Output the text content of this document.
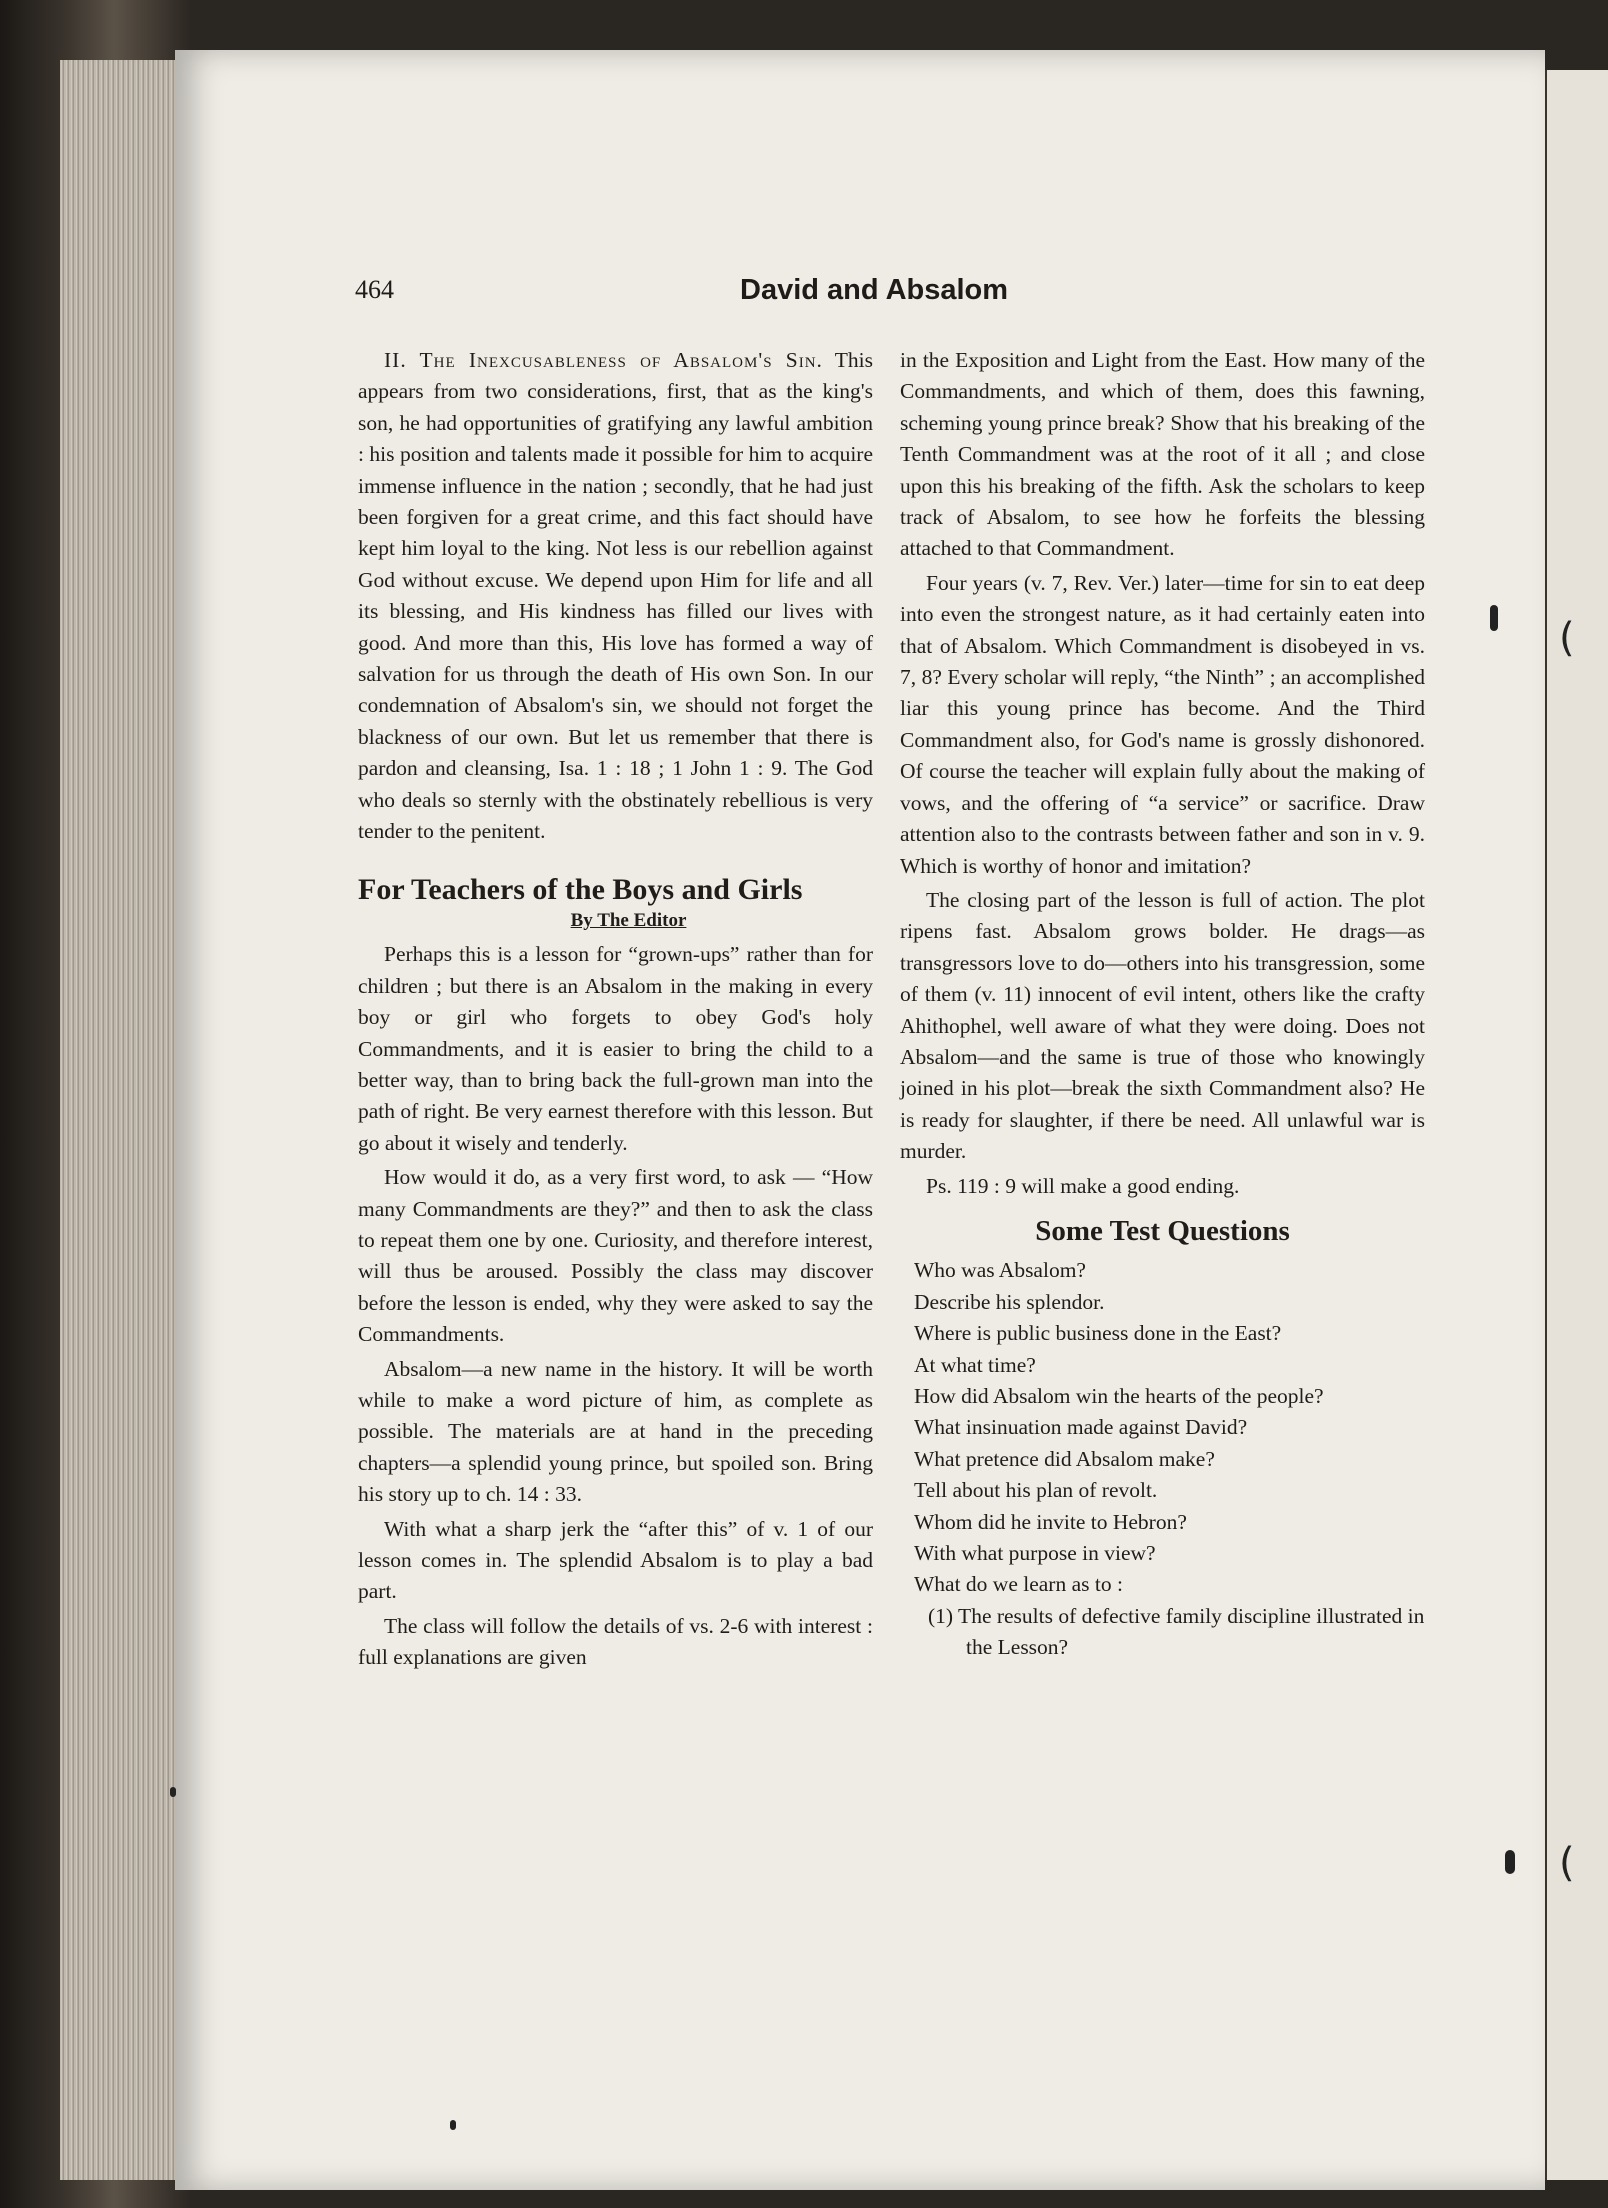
(
(
464	David and Absalom

II. The Inexcusableness of Absalom's Sin. This appears from two considerations, first, that as the king's son, he had opportunities of gratifying any lawful ambition : his position and talents made it possible for him to acquire immense influence in the nation ; secondly, that he had just been forgiven for a great crime, and this fact should have kept him loyal to the king. Not less is our rebellion against God without excuse. We depend upon Him for life and all its blessing, and His kindness has filled our lives with good. And more than this, His love has formed a way of salvation for us through the death of His own Son. In our condemnation of Absalom's sin, we should not forget the blackness of our own. But let us remember that there is pardon and cleansing, Isa. 1 : 18 ; 1 John 1 : 9. The God who deals so sternly with the obstinately rebellious is very tender to the penitent.

For Teachers of the Boys and Girls

By The Editor

Perhaps this is a lesson for “grown-ups” rather than for children ; but there is an Absalom in the making in every boy or girl who forgets to obey God's holy Commandments, and it is easier to bring the child to a better way, than to bring back the full-grown man into the path of right. Be very earnest therefore with this lesson. But go about it wisely and tenderly.

How would it do, as a very first word, to ask — “How many Commandments are they?” and then to ask the class to repeat them one by one. Curiosity, and therefore interest, will thus be aroused. Possibly the class may discover before the lesson is ended, why they were asked to say the Commandments.

Absalom—a new name in the history. It will be worth while to make a word picture of him, as complete as possible. The materials are at hand in the preceding chapters—a splendid young prince, but spoiled son. Bring his story up to ch. 14 : 33.

With what a sharp jerk the “after this” of v. 1 of our lesson comes in. The splendid Absalom is to play a bad part.

The class will follow the details of vs. 2-6 with interest : full explanations are given

in the Exposition and Light from the East. How many of the Commandments, and which of them, does this fawning, scheming young prince break? Show that his breaking of the Tenth Commandment was at the root of it all ; and close upon this his breaking of the fifth. Ask the scholars to keep track of Absalom, to see how he forfeits the blessing attached to that Commandment.

Four years (v. 7, Rev. Ver.) later—time for sin to eat deep into even the strongest nature, as it had certainly eaten into that of Absalom. Which Commandment is disobeyed in vs. 7, 8? Every scholar will reply, “the Ninth” ; an accomplished liar this young prince has become. And the Third Commandment also, for God's name is grossly dishonored. Of course the teacher will explain fully about the making of vows, and the offering of “a service” or sacrifice. Draw attention also to the contrasts between father and son in v. 9. Which is worthy of honor and imitation?

The closing part of the lesson is full of action. The plot ripens fast. Absalom grows bolder. He drags—as transgressors love to do—others into his transgression, some of them (v. 11) innocent of evil intent, others like the crafty Ahithophel, well aware of what they were doing. Does not Absalom—and the same is true of those who knowingly joined in his plot—break the sixth Commandment also? He is ready for slaughter, if there be need. All unlawful war is murder.

Ps. 119 : 9 will make a good ending.

Some Test Questions
Who was Absalom?
Describe his splendor.
Where is public business done in the East?
At what time?
How did Absalom win the hearts of the people?
What insinuation made against David?
What pretence did Absalom make?
Tell about his plan of revolt.
Whom did he invite to Hebron?
With what purpose in view?
What do we learn as to :
(1) The results of defective family discipline illustrated in the Lesson?
